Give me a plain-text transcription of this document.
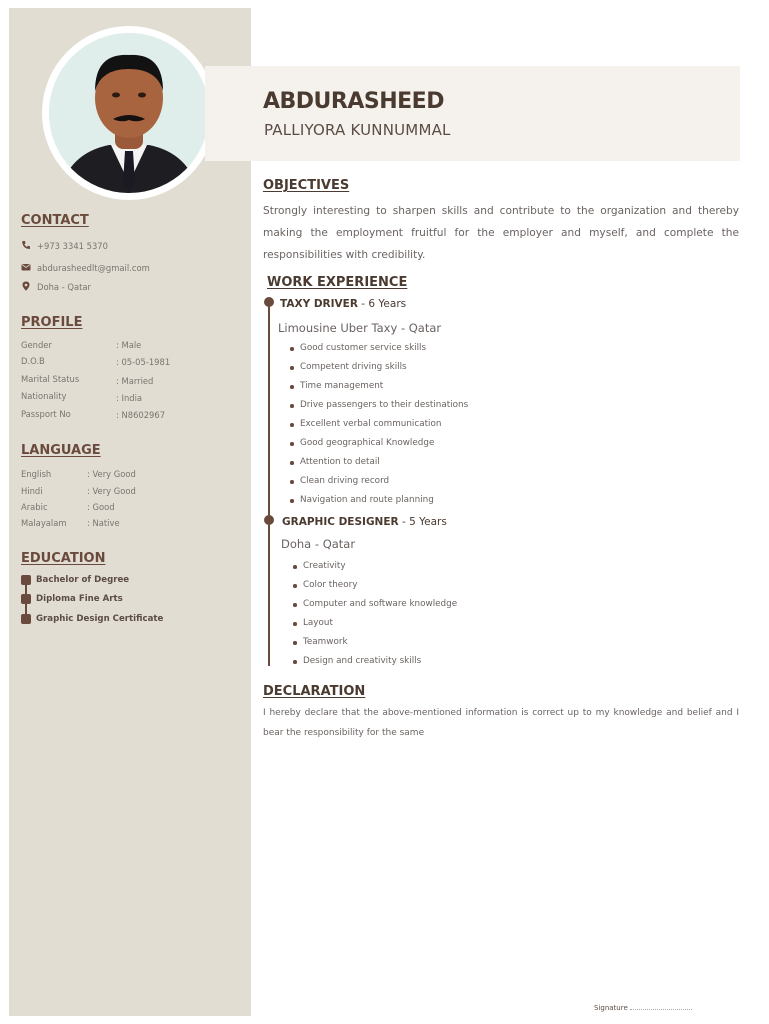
ABDURASHEED
PALLIYORA KUNNUMMAL
CONTACT
+973 3341 5370
abdurasheedlt@gmail.com
Doha - Qatar
PROFILE
Gender	: Male
D.O.B	: 05-05-1981
Marital Status	: Married
Nationality	: India
Passport No	: N8602967
LANGUAGE
English	: Very Good
Hindi	: Very Good
Arabic	: Good
Malayalam : Native
EDUCATION
Bachelor of Degree
Diploma Fine Arts
Graphic Design Certificate
OBJECTIVES

Strongly interesting to sharpen skills and contribute to the organization and thereby making the employment fruitful for the employer and myself, and complete the responsibilities with credibility.

WORK EXPERIENCE
TAXY DRIVER - 6 Years
Limousine Uber Taxy - Qatar
Good customer service skills
Competent driving skills
Time management
Drive passengers to their destinations
Excellent verbal communication
Good geographical Knowledge
Attention to detail
Clean driving record
Navigation and route planning
GRAPHIC DESIGNER - 5 Years
Doha - Qatar
Creativity
Color theory
Computer and software knowledge
Layout
Teamwork
Design and creativity skills
DECLARATION

I hereby declare that the above-mentioned information is correct up to my knowledge and belief and I bear the responsibility for the same

Signature
